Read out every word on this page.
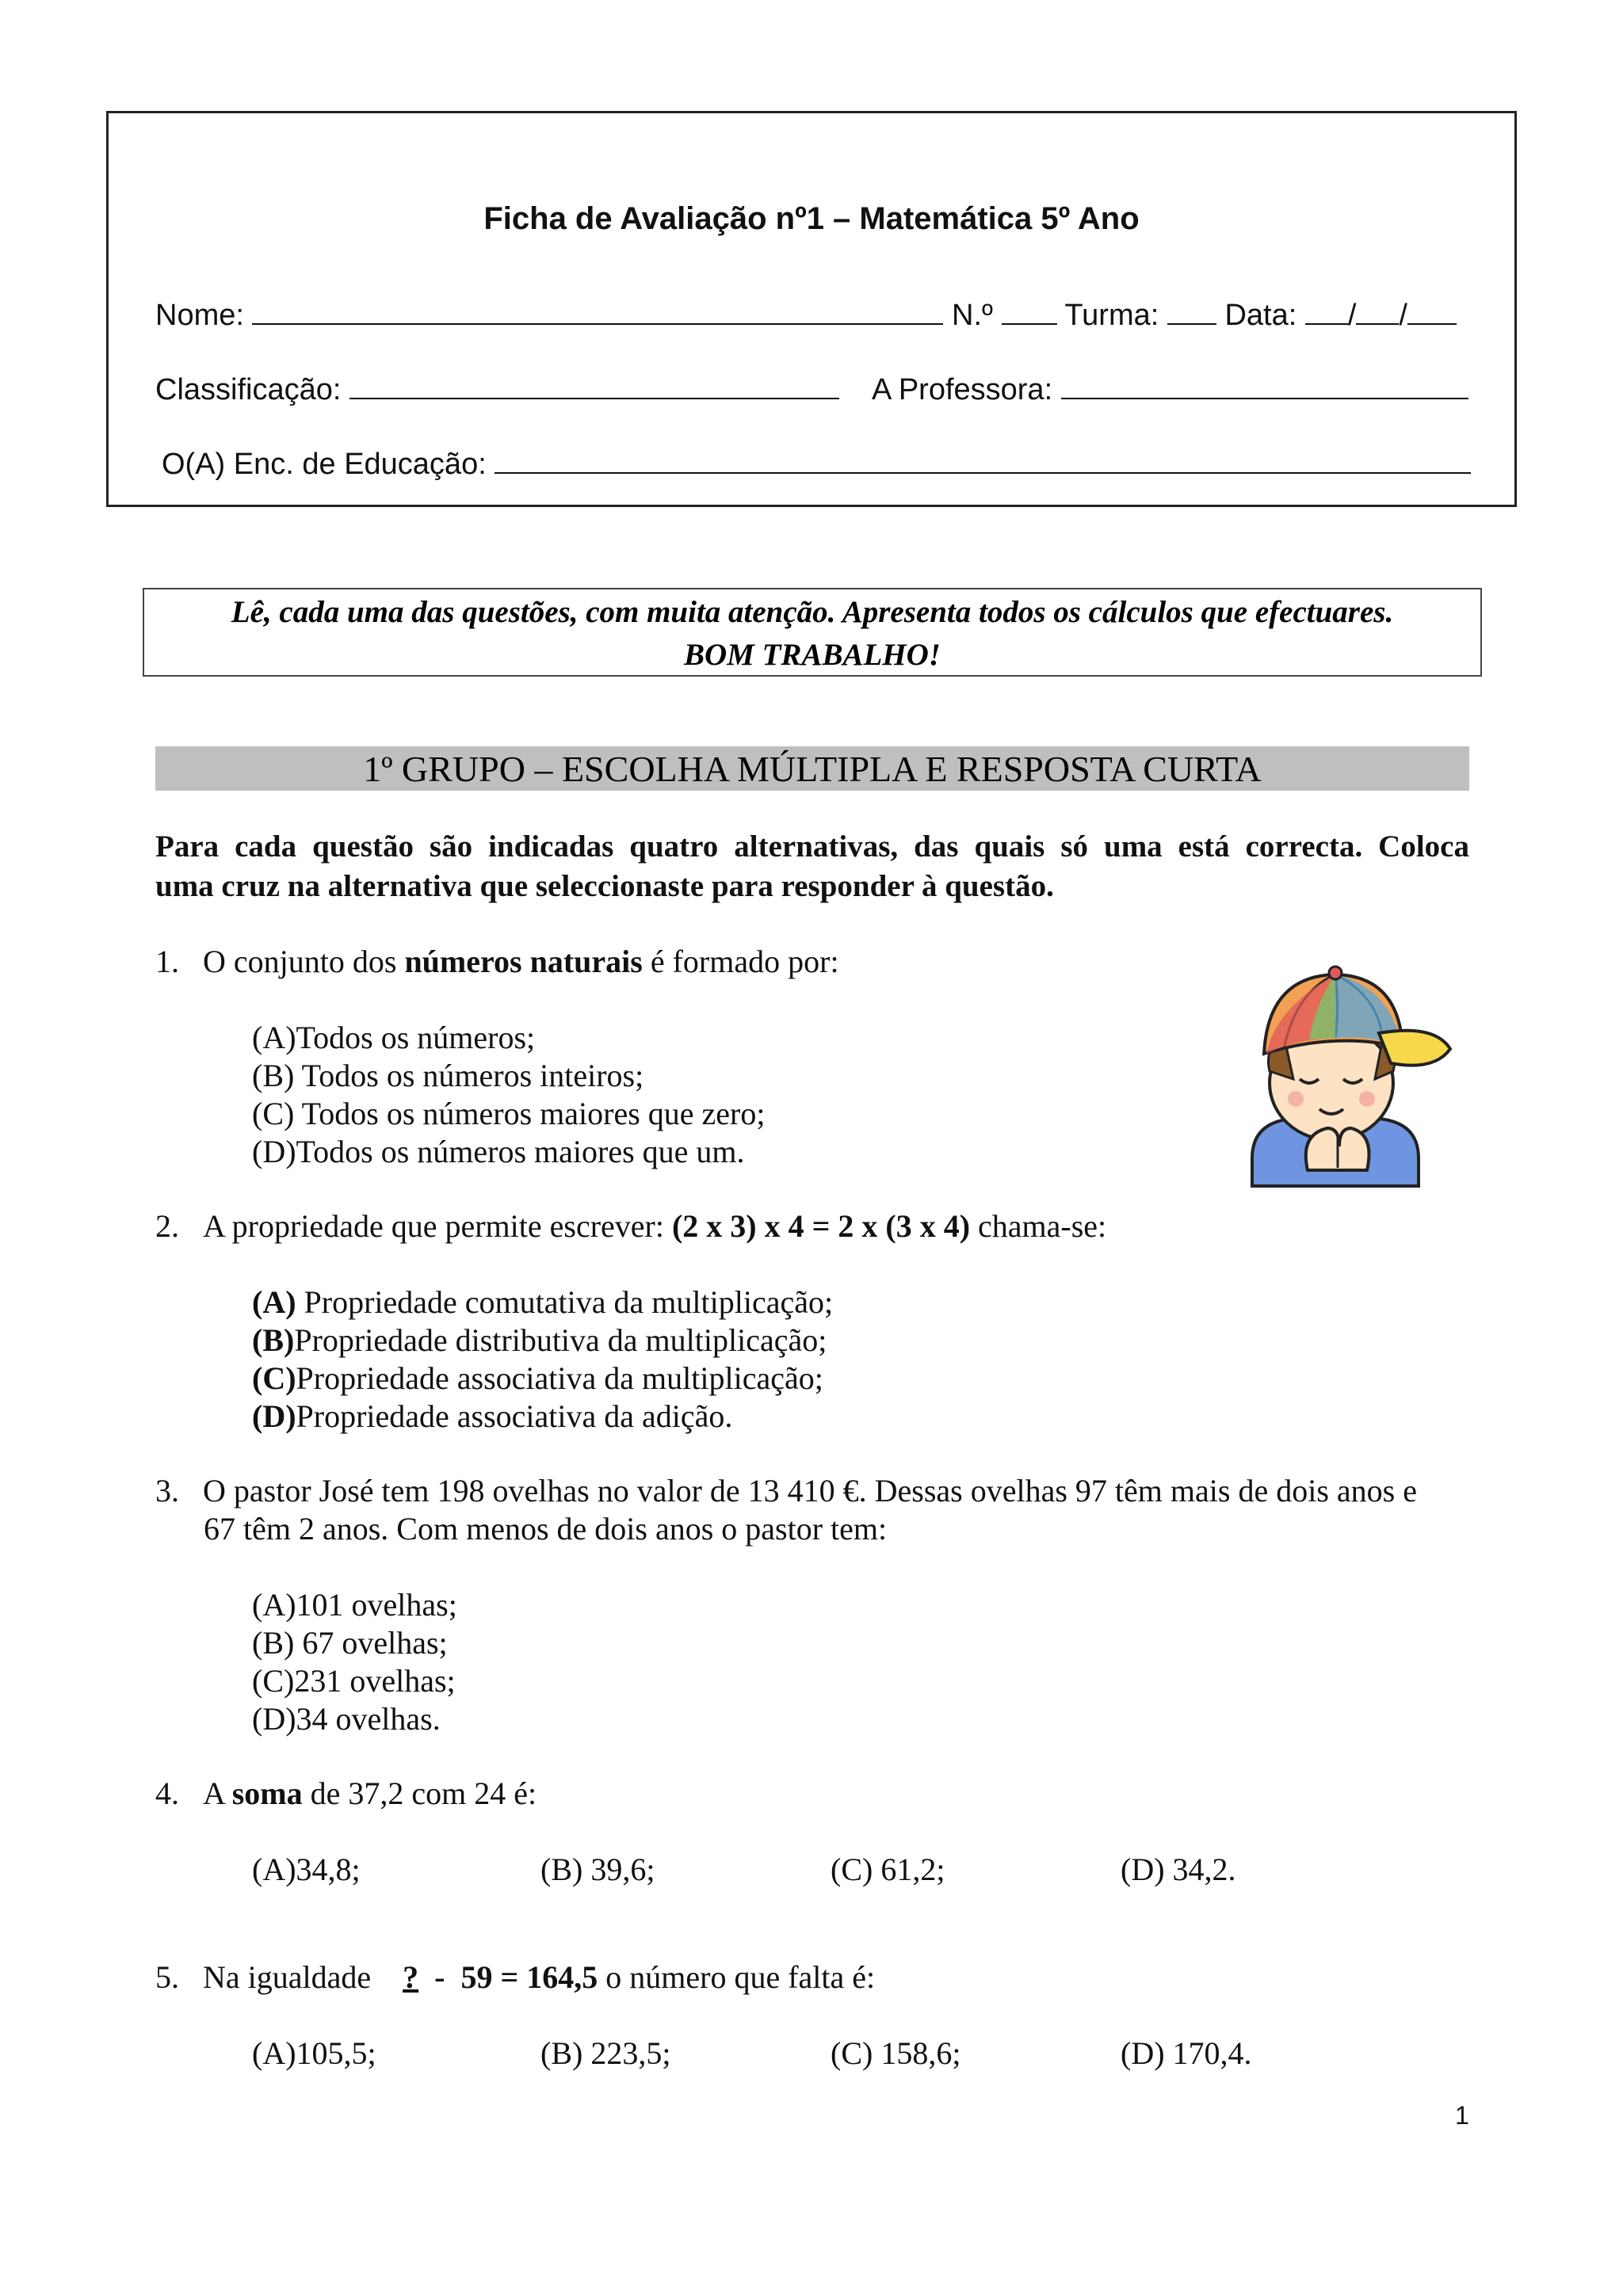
Ficha de Avaliação nº1 – Matemática 5º Ano
Nome:	N.º Turma: Data: / /
Classificação:	A Professora:
O(A) Enc. de Educação:
Lê, cada uma das questões, com muita atenção. Apresenta todos os cálculos que efectuares.
BOM TRABALHO!
1º GRUPO – ESCOLHA MÚLTIPLA E RESPOSTA CURTA
Para cada questão são indicadas quatro alternativas, das quais só uma está correcta. Coloca
uma cruz na alternativa que seleccionaste para responder à questão.
1. O conjunto dos números naturais é formado por:
(A)Todos os números;
(B) Todos os números inteiros;
(C) Todos os números maiores que zero;
(D)Todos os números maiores que um.
2. A propriedade que permite escrever: (2 x 3) x 4 = 2 x (3 x 4) chama-se:
(A) Propriedade comutativa da multiplicação;
(B)Propriedade distributiva da multiplicação;
(C)Propriedade associativa da multiplicação;
(D)Propriedade associativa da adição.
3. O pastor José tem 198 ovelhas no valor de 13 410 €. Dessas ovelhas 97 têm mais de dois anos e
67 têm 2 anos. Com menos de dois anos o pastor tem:
(A)101 ovelhas;
(B) 67 ovelhas;
(C)231 ovelhas;
(D)34 ovelhas.
4. A soma de 37,2 com 24 é:
(A)34,8;	(B) 39,6;	(C) 61,2;	(D) 34,2.
5. Na igualdade    ?  -  59 = 164,5 o número que falta é:
(A)105,5;	(B) 223,5;	(C) 158,6;	(D) 170,4.
1
